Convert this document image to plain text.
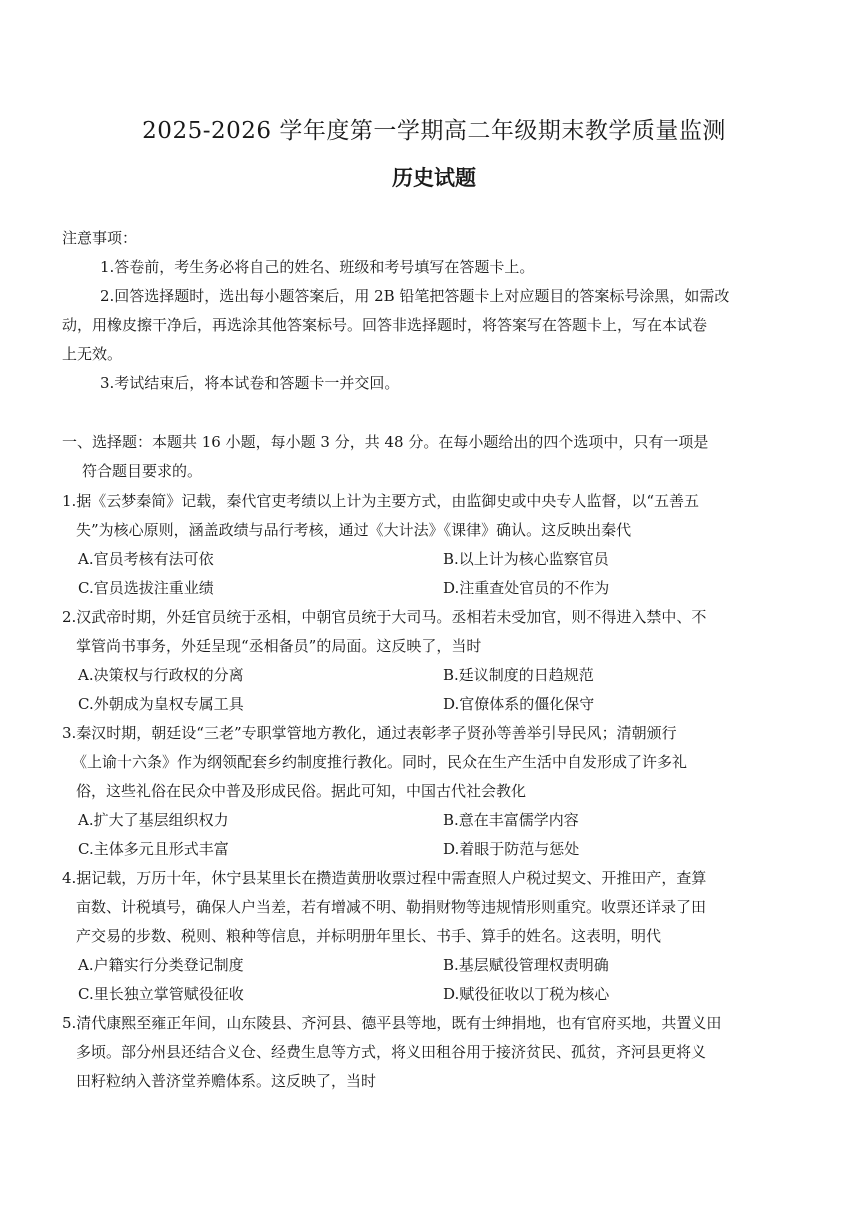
2025-2026 学年度第一学期高二年级期末教学质量监测
历史试题
注意事项：
1.答卷前，考生务必将自己的姓名、班级和考号填写在答题卡上。
2.回答选择题时，选出每小题答案后，用 2B 铅笔把答题卡上对应题目的答案标号涂黑，如需改
动，用橡皮擦干净后，再选涂其他答案标号。回答非选择题时，将答案写在答题卡上，写在本试卷
上无效。
3.考试结束后，将本试卷和答题卡一并交回。
一、选择题：本题共 16 小题，每小题 3 分，共 48 分。在每小题给出的四个选项中，只有一项是
符合题目要求的。
1.据《云梦秦简》记载，秦代官吏考绩以上计为主要方式，由监御史或中央专人监督，以“五善五
失”为核心原则，涵盖政绩与品行考核，通过《大计法》《课律》确认。这反映出秦代
A.官员考核有法可依	B.以上计为核心监察官员
C.官员选拔注重业绩	D.注重查处官员的不作为
2.汉武帝时期，外廷官员统于丞相，中朝官员统于大司马。丞相若未受加官，则不得进入禁中、不
掌管尚书事务，外廷呈现“丞相备员”的局面。这反映了，当时
A.决策权与行政权的分离	B.廷议制度的日趋规范
C.外朝成为皇权专属工具	D.官僚体系的僵化保守
3.秦汉时期，朝廷设“三老”专职掌管地方教化，通过表彰孝子贤孙等善举引导民风；清朝颁行
《上谕十六条》作为纲领配套乡约制度推行教化。同时，民众在生产生活中自发形成了许多礼
俗，这些礼俗在民众中普及形成民俗。据此可知，中国古代社会教化
A.扩大了基层组织权力	B.意在丰富儒学内容
C.主体多元且形式丰富	D.着眼于防范与惩处
4.据记载，万历十年，休宁县某里长在攒造黄册收票过程中需查照人户税过契文、开推田产，查算
亩数、计税填号，确保人户当差，若有增减不明、勒捐财物等违规情形则重究。收票还详录了田
产交易的步数、税则、粮种等信息，并标明册年里长、书手、算手的姓名。这表明，明代
A.户籍实行分类登记制度	B.基层赋役管理权责明确
C.里长独立掌管赋役征收	D.赋役征收以丁税为核心
5.清代康熙至雍正年间，山东陵县、齐河县、德平县等地，既有士绅捐地，也有官府买地，共置义田
多顷。部分州县还结合义仓、经费生息等方式，将义田租谷用于接济贫民、孤贫，齐河县更将义
田籽粒纳入普济堂养赡体系。这反映了，当时
